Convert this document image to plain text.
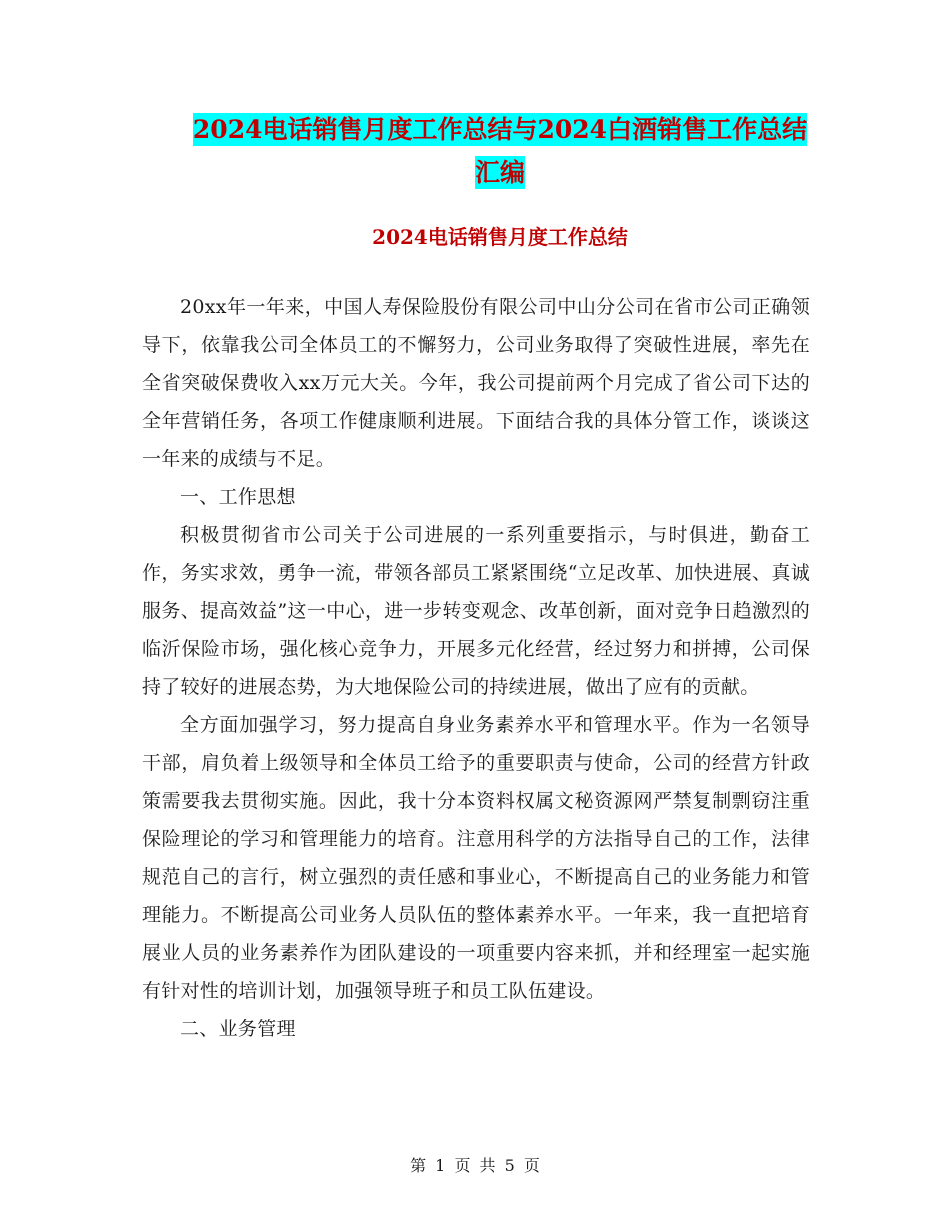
2024电话销售月度工作总结与2024白酒销售工作总结
汇编
2024电话销售月度工作总结

20xx年一年来，中国人寿保险股份有限公司中山分公司在省市公司正确领导下，依靠我公司全体员工的不懈努力，公司业务取得了突破性进展，率先在全省突破保费收入xx万元大关。今年，我公司提前两个月完成了省公司下达的全年营销任务，各项工作健康顺利进展。下面结合我的具体分管工作，谈谈这一年来的成绩与不足。

一、工作思想

积极贯彻省市公司关于公司进展的一系列重要指示，与时俱进，勤奋工作，务实求效，勇争一流，带领各部员工紧紧围绕“立足改革、加快进展、真诚服务、提高效益”这一中心，进一步转变观念、改革创新，面对竞争日趋激烈的临沂保险市场，强化核心竞争力，开展多元化经营，经过努力和拼搏，公司保持了较好的进展态势，为大地保险公司的持续进展，做出了应有的贡献。

全方面加强学习，努力提高自身业务素养水平和管理水平。作为一名领导干部，肩负着上级领导和全体员工给予的重要职责与使命，公司的经营方针政策需要我去贯彻实施。因此，我十分本资料权属文秘资源网严禁复制剽窃注重保险理论的学习和管理能力的培育。注意用科学的方法指导自己的工作，法律规范自己的言行，树立强烈的责任感和事业心，不断提高自己的业务能力和管理能力。不断提高公司业务人员队伍的整体素养水平。一年来，我一直把培育展业人员的业务素养作为团队建设的一项重要内容来抓，并和经理室一起实施有针对性的培训计划，加强领导班子和员工队伍建设。

二、业务管理

第 1 页 共 5 页
